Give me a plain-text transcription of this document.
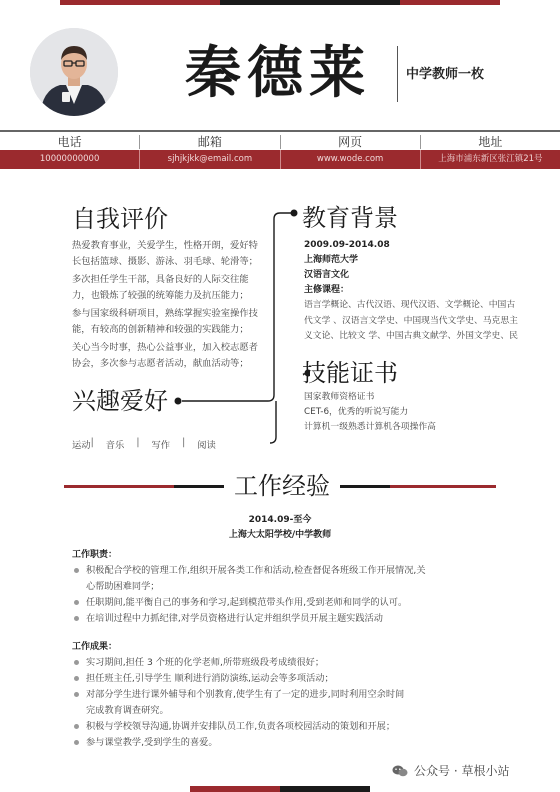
秦德莱	中学教师一枚
电话	邮箱	网页	地址
10000000000	sjhjkjkk@email.com	www.wode.com	上海市浦东新区张江镇21号
自我评价
热爱教育事业，关爱学生，性格开朗，爱好特
长包括篮球、摄影、游泳、羽毛球、轮滑等；
多次担任学生干部，具备良好的人际交往能
力，也锻炼了较强的统筹能力及抗压能力；
参与国家级科研项目，熟练掌握实验室操作技
能，有较高的创新精神和较强的实践能力；
关心当今时事，热心公益事业，加入校志愿者
协会，多次参与志愿者活动，献血活动等；
兴趣爱好
运动 | 音乐 | 写作 | 阅读
教育背景
2009.09-2014.08
上海师范大学
汉语言文化
主修课程：
语言学概论、古代汉语、现代汉语、文学概论、中国古
代文学 、汉语言文学史、中国现当代文学史、马克思主
义文论、比较文 学、中国古典文献学、外国文学史、民
技能证书
国家教师资格证书
CET-6，优秀的听说写能力
计算机一级熟悉计算机各项操作高
工作经验
2014.09-至今
上海大太阳学校/中学教师
工作职责：
积极配合学校的管理工作,组织开展各类工作和活动,检查督促各班级工作开展情况,关
心帮助困难同学；
任职期间,能平衡自己的事务和学习,起到模范带头作用,受到老师和同学的认可。
在培训过程中力抓纪律,对学员资格进行认定并组织学员开展主题实践活动
工作成果：
实习期间,担任 3 个班的化学老师,所带班级段考成绩很好；
担任班主任,引导学生 顺利进行消防演练,运动会等多项活动；
对部分学生进行课外辅导和个别教育,使学生有了一定的进步,同时利用空余时间
完成教育调查研究。
积极与学校领导沟通,协调并安排队员工作,负责各项校园活动的策划和开展；
参与课堂教学,受到学生的喜爱。
公众号 · 草根小站
